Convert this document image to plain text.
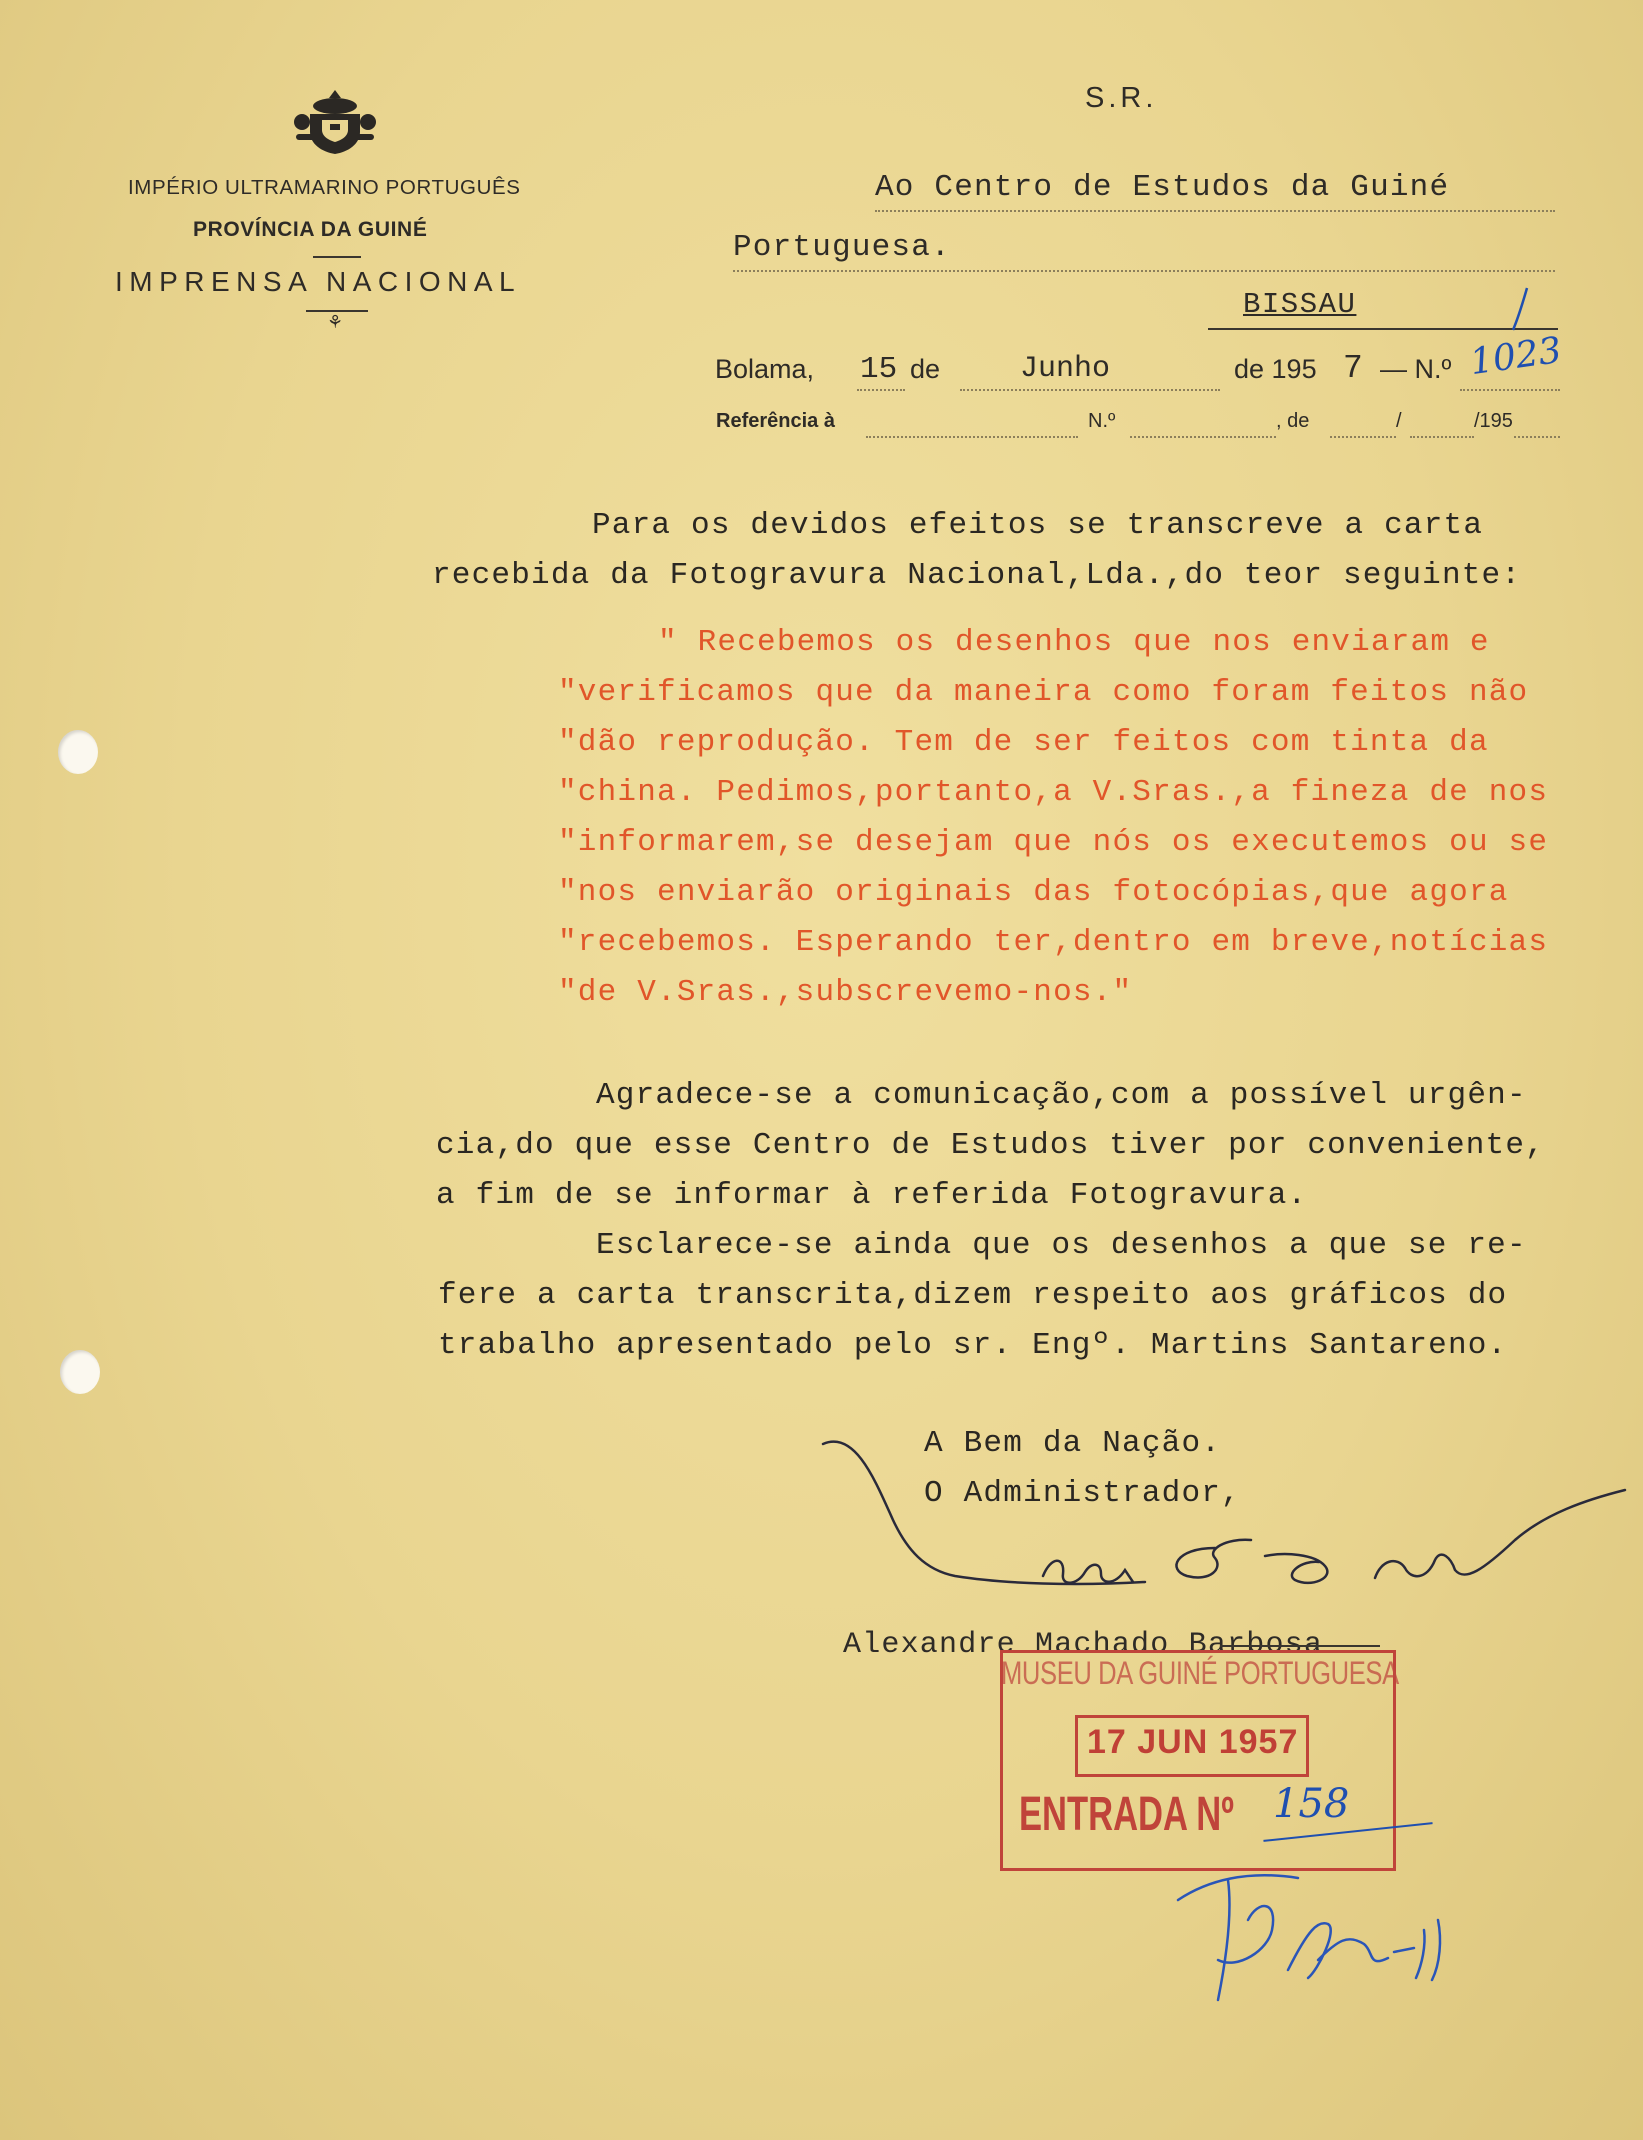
IMPÉRIO ULTRAMARINO PORTUGUÊS
PROVÍNCIA DA GUINÉ
IMPRENSA NACIONAL
⚘
S.R.
Ao Centro de Estudos da Guiné
Portuguesa.
BISSAU
Bolama, 15 de	Junho	de 195 7 — N.º 1023
Referência à	N.º	, de	/	/195
Para os devidos efeitos se transcreve a carta
recebida da Fotogravura Nacional,Lda.,do teor seguinte:
" Recebemos os desenhos que nos enviaram e
"verificamos que da maneira como foram feitos não
"dão reprodução. Tem de ser feitos com tinta da
"china. Pedimos,portanto,a V.Sras.,a fineza de nos
"informarem,se desejam que nós os executemos ou se
"nos enviarão originais das fotocópias,que agora
"recebemos. Esperando ter,dentro em breve,notícias
"de V.Sras.,subscrevemo-nos."
Agradece-se a comunicação,com a possível urgên-
cia,do que esse Centro de Estudos tiver por conveniente,
a fim de se informar à referida Fotogravura.
Esclarece-se ainda que os desenhos a que se re-
fere a carta transcrita,dizem respeito aos gráficos do
trabalho apresentado pelo sr. Engº. Martins Santareno.
A Bem da Nação.
O Administrador,
Alexandre Machado Barbosa
MUSEU DA GUINÉ PORTUGUESA
17 JUN 1957
ENTRADA Nº 158
